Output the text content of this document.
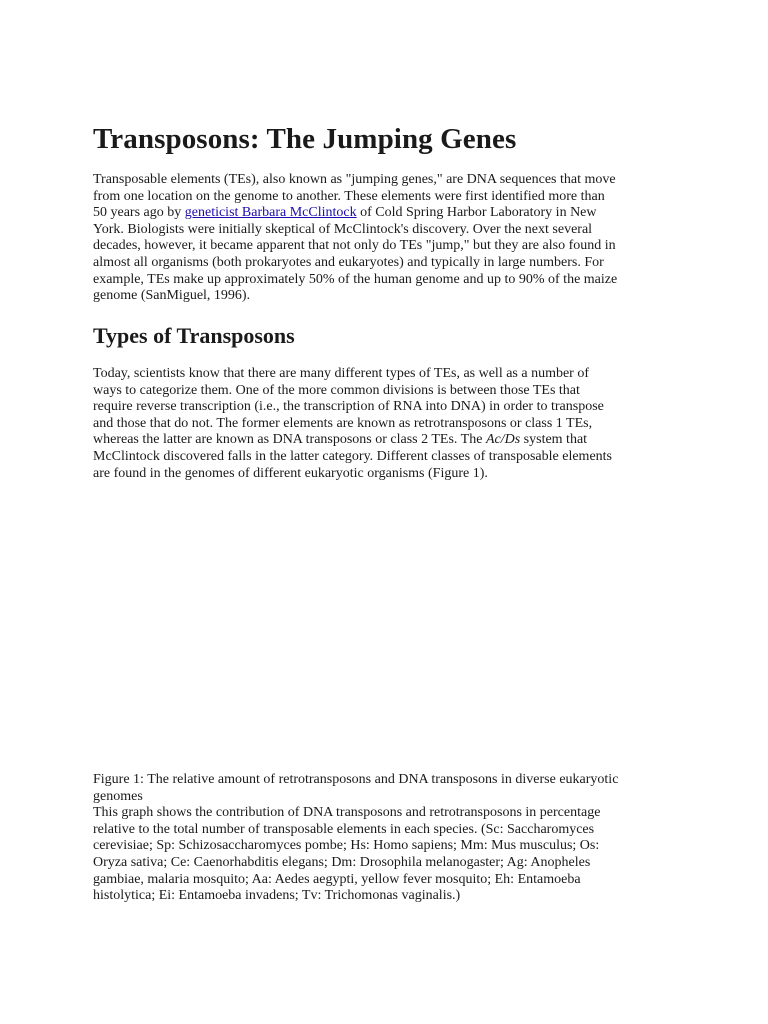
Transposons: The Jumping Genes

Transposable elements (TEs), also known as "jumping genes," are DNA sequences that move
from one location on the genome to another. These elements were first identified more than
50 years ago by geneticist Barbara McClintock of Cold Spring Harbor Laboratory in New
York. Biologists were initially skeptical of McClintock's discovery. Over the next several
decades, however, it became apparent that not only do TEs "jump," but they are also found in
almost all organisms (both prokaryotes and eukaryotes) and typically in large numbers. For
example, TEs make up approximately 50% of the human genome and up to 90% of the maize
genome (SanMiguel, 1996).

Types of Transposons

Today, scientists know that there are many different types of TEs, as well as a number of
ways to categorize them. One of the more common divisions is between those TEs that
require reverse transcription (i.e., the transcription of RNA into DNA) in order to transpose
and those that do not. The former elements are known as retrotransposons or class 1 TEs,
whereas the latter are known as DNA transposons or class 2 TEs. The Ac/Ds system that
McClintock discovered falls in the latter category. Different classes of transposable elements
are found in the genomes of different eukaryotic organisms (Figure 1).

Figure 1: The relative amount of retrotransposons and DNA transposons in diverse eukaryotic
genomes
This graph shows the contribution of DNA transposons and retrotransposons in percentage
relative to the total number of transposable elements in each species. (Sc: Saccharomyces
cerevisiae; Sp: Schizosaccharomyces pombe; Hs: Homo sapiens; Mm: Mus musculus; Os:
Oryza sativa; Ce: Caenorhabditis elegans; Dm: Drosophila melanogaster; Ag: Anopheles
gambiae, malaria mosquito; Aa: Aedes aegypti, yellow fever mosquito; Eh: Entamoeba
histolytica; Ei: Entamoeba invadens; Tv: Trichomonas vaginalis.)
